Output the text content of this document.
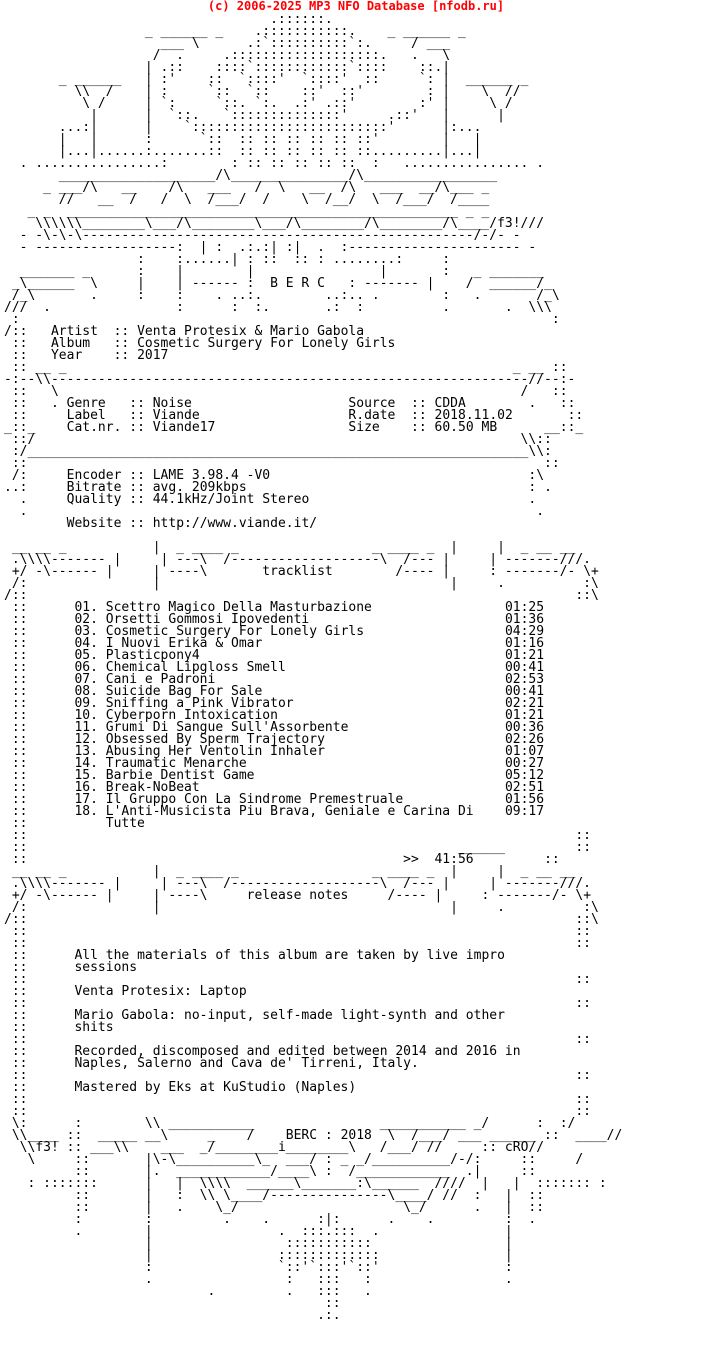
(c) 2006-2025 MP3 NFO Database [nfodb.ru]
.::::::.
_ ______ _    .:::::::::::.    _ ______ _
___ \      .:`::::::::::`:.     / ___
/  .     .:::::::::::::::::::.   .   \
| .::    ::::`::::::::::::`::::    ::.|
_ ______   | :'    ::  `::::'  `::::'  ::     `: |  ______ _
\\  /    | :     `::  `::    ::'  ::'        : |    \  //
\ /     | `:     `::. `:.  .:' .::'        :' |     \ /
|      |  `::.   `::::::::::::::'     .::'   |      |
...:|      |    `:::::::::::::::::::::::::'      |:...
|   |      :      `::  :: :: :: :: :: ::'        |   |
|...|......:.......::  :: :: :: :: :: ::.........|...|
. ................:        : :: :: :: :: ::  :   ................ .
____________________/\_______________/\_________________
_ ___/\   __    /\   ___   /  \   __  /\   ___  __/\___ _
//   __  /   /  \  /___/  /    \  /__/  \  /___/  /____
_ _  __________________________________________________ _ _
\\\\\\________\___/\________\___/\________/\________/\____/f3!///
- -\-\-\--------------------------------------------------/-/- -
- ------------------:  | :  .:.:| :|  .  :---------------------- -
:    :......| : ::  :: : ........:     :
_______ _      :    |        |                |       :   _ _______
_\______  \     |    | ------ :  B E R C   : ------- |    /  ______/_
/_\       .     :    :    . ..:.        ..:.. .        :   .       /_\
///  .                :      :  :.       .:  :          .       .  \\\
:                                                                    :
/::   Artist  :: Venta Protesix & Mario Gabola
::   Album   :: Cosmetic Surgery For Lonely Girls
::   Year    :: 2017
:: __ _                                                         _ __ ::
-:--\\-------------------------------------------------------------//--:-
::   \                                                           /   ::
::   . Genre   :: Noise	Source  :: CDDA	.   ::
::	Label   :: Viande	R.date  :: 2018.11.02	::
_::_    Cat.nr. :: Viande17	Size    :: 60.50 MB	__::_
::/                                                              \\::
:/________________________________________________________________\\:
::                                                                  ::
/:	Encoder :: LAME 3.98.4 -V0	:\
..:	Bitrate :: avg. 209kbps	: .
.	Quality :: 44.1kHz/Joint Stereo	.
.                                                                 .
Website :: http://www.viande.it/

__ __ _           |  _ ____ _                 _ ____ _  |     |  _ __ __
.\\\\------- |     | ---\  /-------------------\  /--- |     | -------///.
+/ -\------ |     | ----\	tracklist	/---- |     : -------/- \+
/:                |                                     |     .          :\
/::                                                                      ::\
::	01. Scettro Magico Della Masturbazione	01:25
::	02. Orsetti Gommosi Ipovedenti	01:36
::	03. Cosmetic Surgery For Lonely Girls	04:29
::	04. I Nuovi Erika & Omar	01:16
::	05. Plasticpony4	01:21
::	06. Chemical Lipgloss Smell	00:41
::	07. Cani e Padroni	02:53
::	08. Suicide Bag For Sale	00:41
::	09. Sniffing a Pink Vibrator	02:21
::	10. Cyberporn Intoxication	01:21
::	11. Grumi Di Sangue Sull'Assorbente	00:36
::	12. Obsessed By Sperm Trajectory	02:26
::	13. Abusing Her Ventolin Inhaler	01:07
::	14. Traumatic Menarche	00:27
::	15. Barbie Dentist Game	05:12
::	16. Break-NoBeat	02:51
::	17. Il Gruppo Con La Sindrome Premestruale	01:56
::	18. L'Anti-Musicista Piu Brava, Geniale e Carina Di 09:17
::	Tutte
::                                                                      ::
::	______	::
::	>> 41:56	::
__ __ _           |  _ ____ _                 _ ____ _  |     |  _ __ __
.\\\\------- |     | ---\  /-------------------\  /--- |     | -------///.
+/ -\------ |     | ----\	release notes	/---- |     : -------/- \+
/:                |                                     |     .          :\
/::                                                                      ::\
::                                                                      ::
::                                                                      ::
::	All the materials of this album are taken by live impro
::	sessions
::                                                                      ::
::	Venta Protesix: Laptop
::                                                                      ::
::	Mario Gabola: no-input, self-made light-synth and other
::	shits
::                                                                      ::
::	Recorded, discomposed and edited between 2014 and 2016 in
::	Naples, Salerno and Cava de' Tirreni, Italy.
::                                                                      ::
::	Mastered by Eks at KuStudio (Naples)
::                                                                      ::
::                                                                      ::
\:      :        \\ ___________                ___________ _/      :  :/
\\____ ::  _____ __\     _    /    BERC : 2018  \  /___/ ___ ______ ::  ____//
\\f3! :: ___\\    ___  _/________i________\   /___/ //     :: cRO//
\     ::       |\-\__________\_  ___/ : _ _/__________/-/:     ::     /
::       |.  ____________/____\ :  /____________  .|     ::
: :::::::      |   |  \\\\  ______\_______:\______  ////  |   |  ::::::: :
::       |   :  \\ \____/---------------\____/ //  :   |  ::
::       |   .    \_/                     \_/      .   |  ::
:        :         .    .      :|:      .    .         :  .
.        |                .  :::.:::  .                |
|                 :::::::::::                 |
|                :::::::::::::                |
:                `::'`:::'`::'                :
.                 :   :::   :                 .
.         .   :::   .
::
.:.
